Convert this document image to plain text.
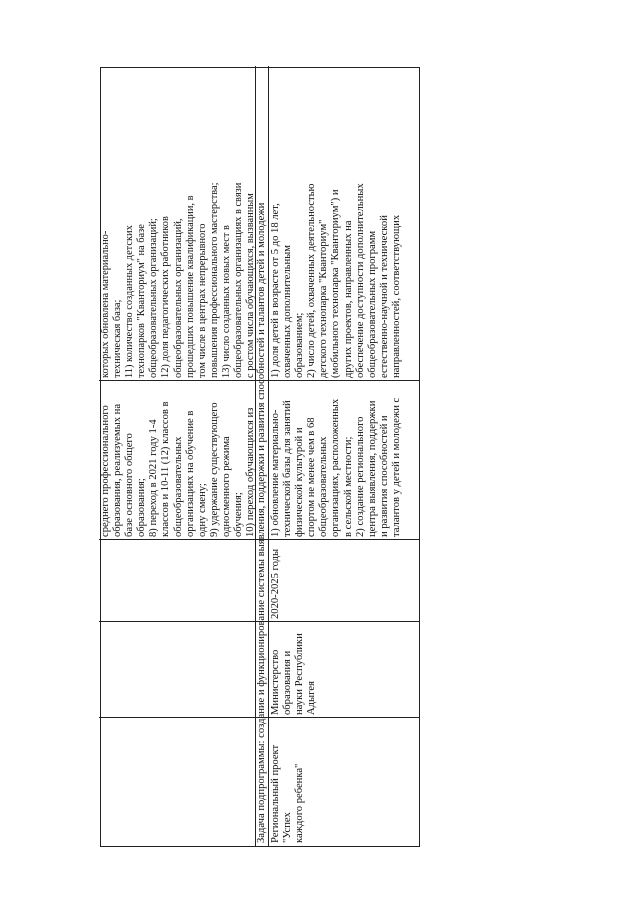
среднего профессионального
образования, реализуемых на
базе основного общего
образования;
8) переход в 2021 году 1-4
классов и 10-11 (12) классов в
общеобразовательных
организациях на обучение в
одну смену;
9) удержание существующего
односменного режима
обучения;
10) переход обучающихся из

которых обновлена материально-
техническая база;
11) количество созданных детских
технопарков "Кванториум" на базе
общеобразовательных организаций;
12) доля педагогических работников
общеобразовательных организаций,
прошедших повышение квалификации, в
том числе в центрах непрерывного
повышения профессионального мастерства;
13) число созданных новых мест в
общеобразовательных организациях в связи
с ростом числа обучающихся, вызванным Задача подпрограммы: создание и функционирование системы выявления, поддержки и развития способностей и талантов детей и молодежи Региональный проект "Успех
каждого ребенка"
Министерство
образования и
науки Республики
Адыгея
2020-2025 годы
1) обновление материально-
технической базы для занятий
физической культурой и
спортом не менее чем в 68
общеобразовательных
организациях, расположенных
в сельской местности;
2) создание регионального
центра выявления, поддержки
и развития способностей и
талантов у детей и молодежи с
1) доля детей в возрасте от 5 до 18 лет,
охваченных дополнительным
образованием;
2) число детей, охваченных деятельностью
детского технопарка "Кванториум"
(мобильного технопарка "Кванториум") и
других проектов, направленных на
обеспечение доступности дополнительных
общеобразовательных программ
естественно-научной и технической
направленностей, соответствующих
